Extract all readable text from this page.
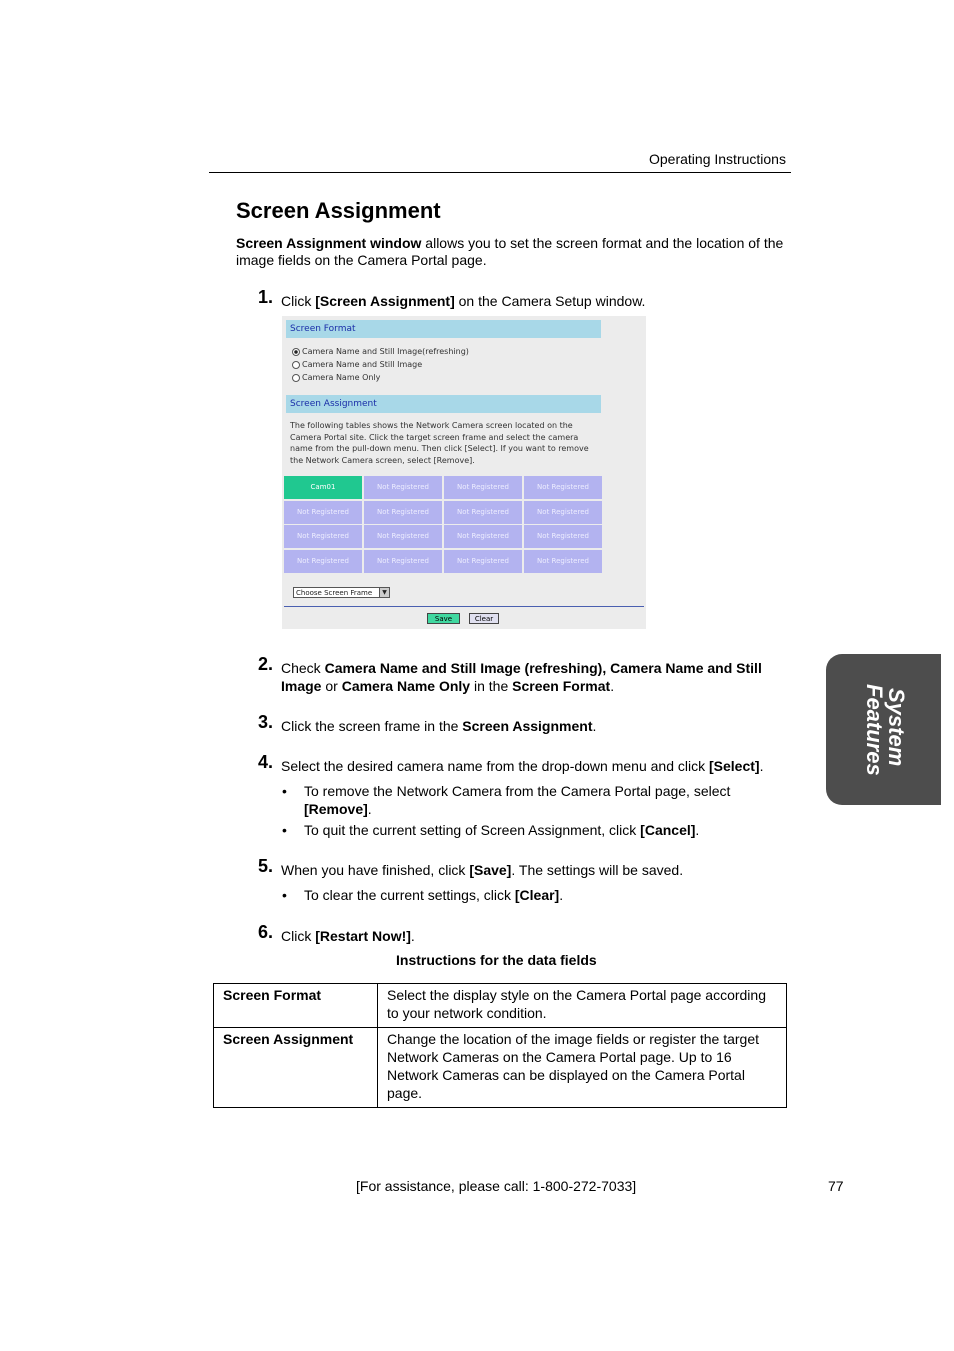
Operating Instructions
Screen Assignment
Screen Assignment window allows you to set the screen format and the location of the image fields on the Camera Portal page.
1. Click [Screen Assignment] on the Camera Setup window.
Screen Format
Camera Name and Still Image(refreshing)
Camera Name and Still Image
Camera Name Only
Screen Assignment
The following tables shows the Network Camera screen located on the Camera Portal site. Click the target screen frame and select the camera name from the pull-down menu. Then click [Select]. If you want to remove the Network Camera screen, select [Remove].
Cam01	Not Registered	Not Registered	Not Registered
Not Registered	Not Registered	Not Registered	Not Registered
Not Registered	Not Registered	Not Registered	Not Registered
Not Registered	Not Registered	Not Registered	Not Registered
Choose Screen Frame	▼
Save	Clear
2. Check Camera Name and Still Image (refreshing), Camera Name and Still Image or Camera Name Only in the Screen Format.
3. Click the screen frame in the Screen Assignment.
4. Select the desired camera name from the drop-down menu and click [Select].
• To remove the Network Camera from the Camera Portal page, select [Remove].
• To quit the current setting of Screen Assignment, click [Cancel].
5. When you have finished, click [Save]. The settings will be saved.
• To clear the current settings, click [Clear].
6. Click [Restart Now!].
Instructions for the data fields
Screen Format	Select the display style on the Camera Portal page according to your network condition.
Screen Assignment	Change the location of the image fields or register the target Network Cameras on the Camera Portal page. Up to 16 Network Cameras can be displayed on the Camera Portal page.
System
Features
[For assistance, please call: 1-800-272-7033]	77
